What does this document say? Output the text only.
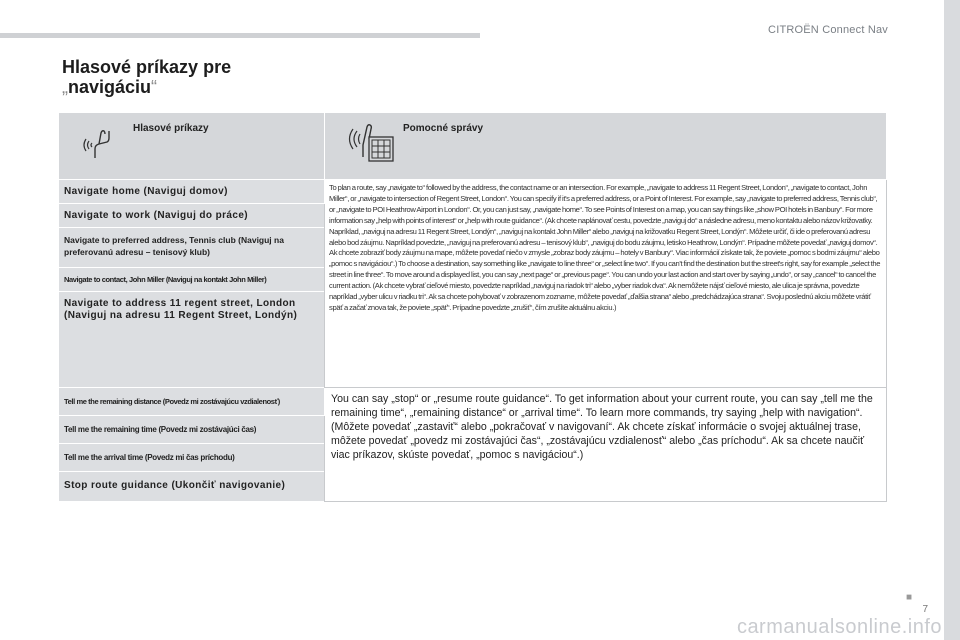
CITROËN Connect Nav
Hlasové príkazy pre
„navigáciu“
Hlasové príkazy	Pomocné správy

Navigate home (Naviguj domov)	To plan a route, say „navigate to“ followed by the address, the contact name or an intersection. For example, „navigate to address 11 Regent Street, London“, „navigate to contact, John Miller“, or „navigate to intersection of Regent Street, London“. You can specify if it's a preferred address, or a Point of Interest. For example, say „navigate to preferred address, Tennis club“, or „navigate to POI Heathrow Airport in London“. Or, you can just say, „navigate home“. To see Points of Interest on a map, you can say things like „show POI hotels in Banbury“. For more information say „help with points of interest“ or „help with route guidance“. (Ak chcete naplánovať cestu, povedzte „naviguj do“ a následne adresu, meno kontaktu alebo názov križovatky. Napríklad, „naviguj na adresu 11 Regent Street, Londýn“, „naviguj na kontakt John Miller“ alebo „naviguj na križovatku Regent Street, Londýn“. Môžete určiť, či ide o preferovanú adresu alebo bod záujmu. Napríklad povedzte, „naviguj na preferovanú adresu – tenisový klub“, „naviguj do bodu záujmu, letisko Heathrow, Londýn“. Prípadne môžete povedať „naviguj domov“. Ak chcete zobraziť body záujmu na mape, môžete povedať niečo v zmysle „zobraz body záujmu – hotely v Banbury“. Viac informácií získate tak, že poviete „pomoc s bodmi záujmu“ alebo „pomoc s navigáciou“.) To choose a destination, say something like „navigate to line three“ or „select line two“. If you can't find the destination but the street's right, say for example „select the street in line three“. To move around a displayed list, you can say „next page“ or „previous page“. You can undo your last action and start over by saying „undo“, or say „cancel“ to cancel the current action. (Ak chcete vybrať cieľové miesto, povedzte napríklad „naviguj na riadok tri“ alebo „vyber riadok dva“. Ak nemôžete nájsť cieľové miesto, ale ulica je správna, povedzte napríklad „vyber ulicu v riadku tri“. Ak sa chcete pohybovať v zobrazenom zozname, môžete povedať „ďalšia strana“ alebo „predchádzajúca strana“. Svoju poslednú akciu môžete vrátiť späť a začať znova tak, že poviete „späť“. Prípadne povedzte „zrušiť“, čím zrušíte aktuálnu akciu.)

Navigate to work (Naviguj do práce)	

Navigate to preferred address, Tennis club (Naviguj na preferovanú adresu – tenisový klub)	

Navigate to contact, John Miller (Naviguj na kontakt John Miller)	

Navigate to address 11 regent street, London (Naviguj na adresu 11 Regent Street, Londýn)	

Tell me the remaining distance (Povedz mi zostávajúcu vzdialenosť)	You can say „stop“ or „resume route guidance“. To get information about your current route, you can say „tell me the remaining time“, „remaining distance“ or „arrival time“. To learn more commands, try saying „help with navigation“. (Môžete povedať „zastaviť“ alebo „pokračovať v navigovaní“. Ak chcete získať informácie o svojej aktuálnej trase, môžete povedať „povedz mi zostávajúci čas“, „zostávajúcu vzdialenosť“ alebo „čas príchodu“. Ak sa chcete naučiť viac príkazov, skúste povedať, „pomoc s navigáciou“.)

Tell me the remaining time (Povedz mi zostávajúci čas)	

Tell me the arrival time (Povedz mi čas príchodu)	

Stop route guidance (Ukončiť navigovanie)	
■
7
carmanualsonline.info
